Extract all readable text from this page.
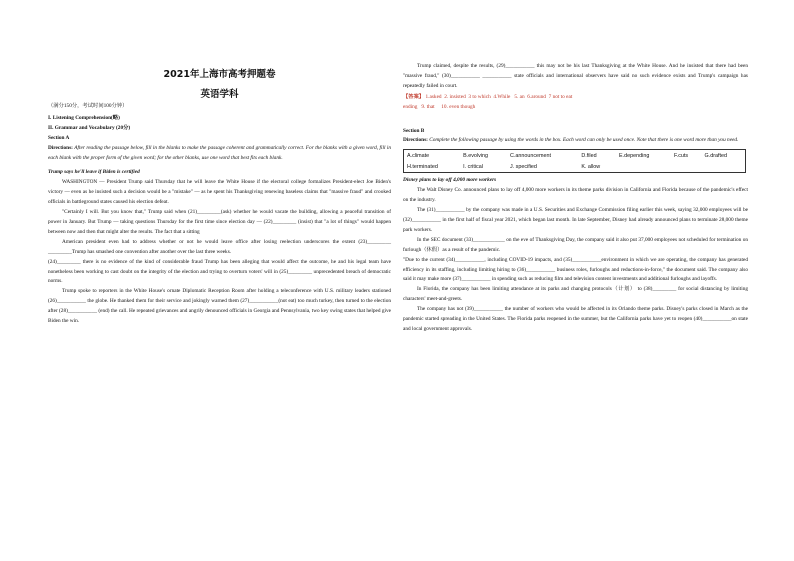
2021年上海市高考押题卷
英语学科
（满分150分，考试时间100分钟）
I. Listening Comprehension(略)
II. Grammar and Vocabulary (20分)
Section A
Directions: After reading the passage below, fill in the blanks to make the passage coherent and grammatically correct. For the blanks with a given word, fill in each blank with the proper form of the given word; for the other blanks, use one word that best fits each blank.
Trump says he'll leave if Biden is certified
WASHINGTON — President Trump said Thursday that he will leave the White House if the electoral college formalizes President-elect Joe Biden's victory — even as he insisted such a decision would be a "mistake" — as he spent his Thanksgiving renewing baseless claims that "massive fraud" and crooked officials in battleground states caused his election defeat.
"Certainly I will. But you know that," Trump said when (21)_________(ask) whether he would vacate the building, allowing a peaceful transition of power in January. But Trump — taking questions Thursday for the first time since election day — (22)_________ (insist) that "a lot of things" would happen between now and then that might alter the results. The fact that a sitting
American president even had to address whether or not he would leave office after losing reelection underscores the extent (23)_________ _________Trump has smashed one convention after another over the last three weeks.
(24)_________ there is no evidence of the kind of considerable fraud Trump has been alleging that would affect the outcome, he and his legal team have nonetheless been working to cast doubt on the integrity of the election and trying to overturn voters' will in (25)_________ unprecedented breach of democratic norms.
Trump spoke to reporters in the White House's ornate Diplomatic Reception Room after holding a teleconference with U.S. military leaders stationed (26)___________ the globe. He thanked them for their service and jokingly warned them (27)___________(not eat) too much turkey, then turned to the election after (28)___________ (end) the call. He repeated grievances and angrily denounced officials in Georgia and Pennsylvania, two key swing states that helped give Biden the win.
Trump claimed, despite the results, (29)___________ this may not be his last Thanksgiving at the White House. And he insisted that there had been "massive fraud," (30)___________ ___________ state officials and international observers have said no such evidence exists and Trump's campaign has repeatedly failed in court.
【答案】 1.asked 2. insisted 3 to which 4.While 5. an 6.around 7 not to eat
ending 9. that 10. even though
Section B
Directions: Complete the following passage by using the words in the box. Each word can only be used once. Note that there is one word more than you need.
A.climate	B.evolving	C.announcement	D.filed	E.depending	F.cuts	G.drafted
H.terminated	I. critical	J. specified	K. allow			
Disney plans to lay off 4,000 more workers
The Walt Disney Co. announced plans to lay off 4,000 more workers in its theme parks division in California and Florida because of the pandemic's effect on the industry.
The (31)___________ by the company was made in a U.S. Securities and Exchange Commission filing earlier this week, saying 32,000 employees will be (32)___________ in the first half of fiscal year 2021, which began last month. In late September, Disney had already announced plans to terminate 28,000 theme park workers.
In the SEC document (33)____________ on the eve of Thanksgiving Day, the company said it also put 37,000 employees not scheduled for termination on furlough（休假）as a result of the pandemic.
"Due to the current (34)___________, including COVID-19 impacts, and (35)___________environment in which we are operating, the company has generated efficiency in its staffing, including limiting hiring to (36)___________ business roles, furloughs and reductions-in-force," the document said. The company also said it may make more (37)___________ in spending such as reducing film and television content investments and additional furloughs and layoffs.
In Florida, the company has been limiting attendance at its parks and changing protocols（计划） to (38)_________ for social distancing by limiting characters' meet-and-greets.
The company has not (39)___________ the number of workers who would be affected in its Orlando theme parks. Disney's parks closed in March as the pandemic started spreading in the United States. The Florida parks reopened in the summer, but the California parks have yet to reopen (40)___________on state and local government approvals.
